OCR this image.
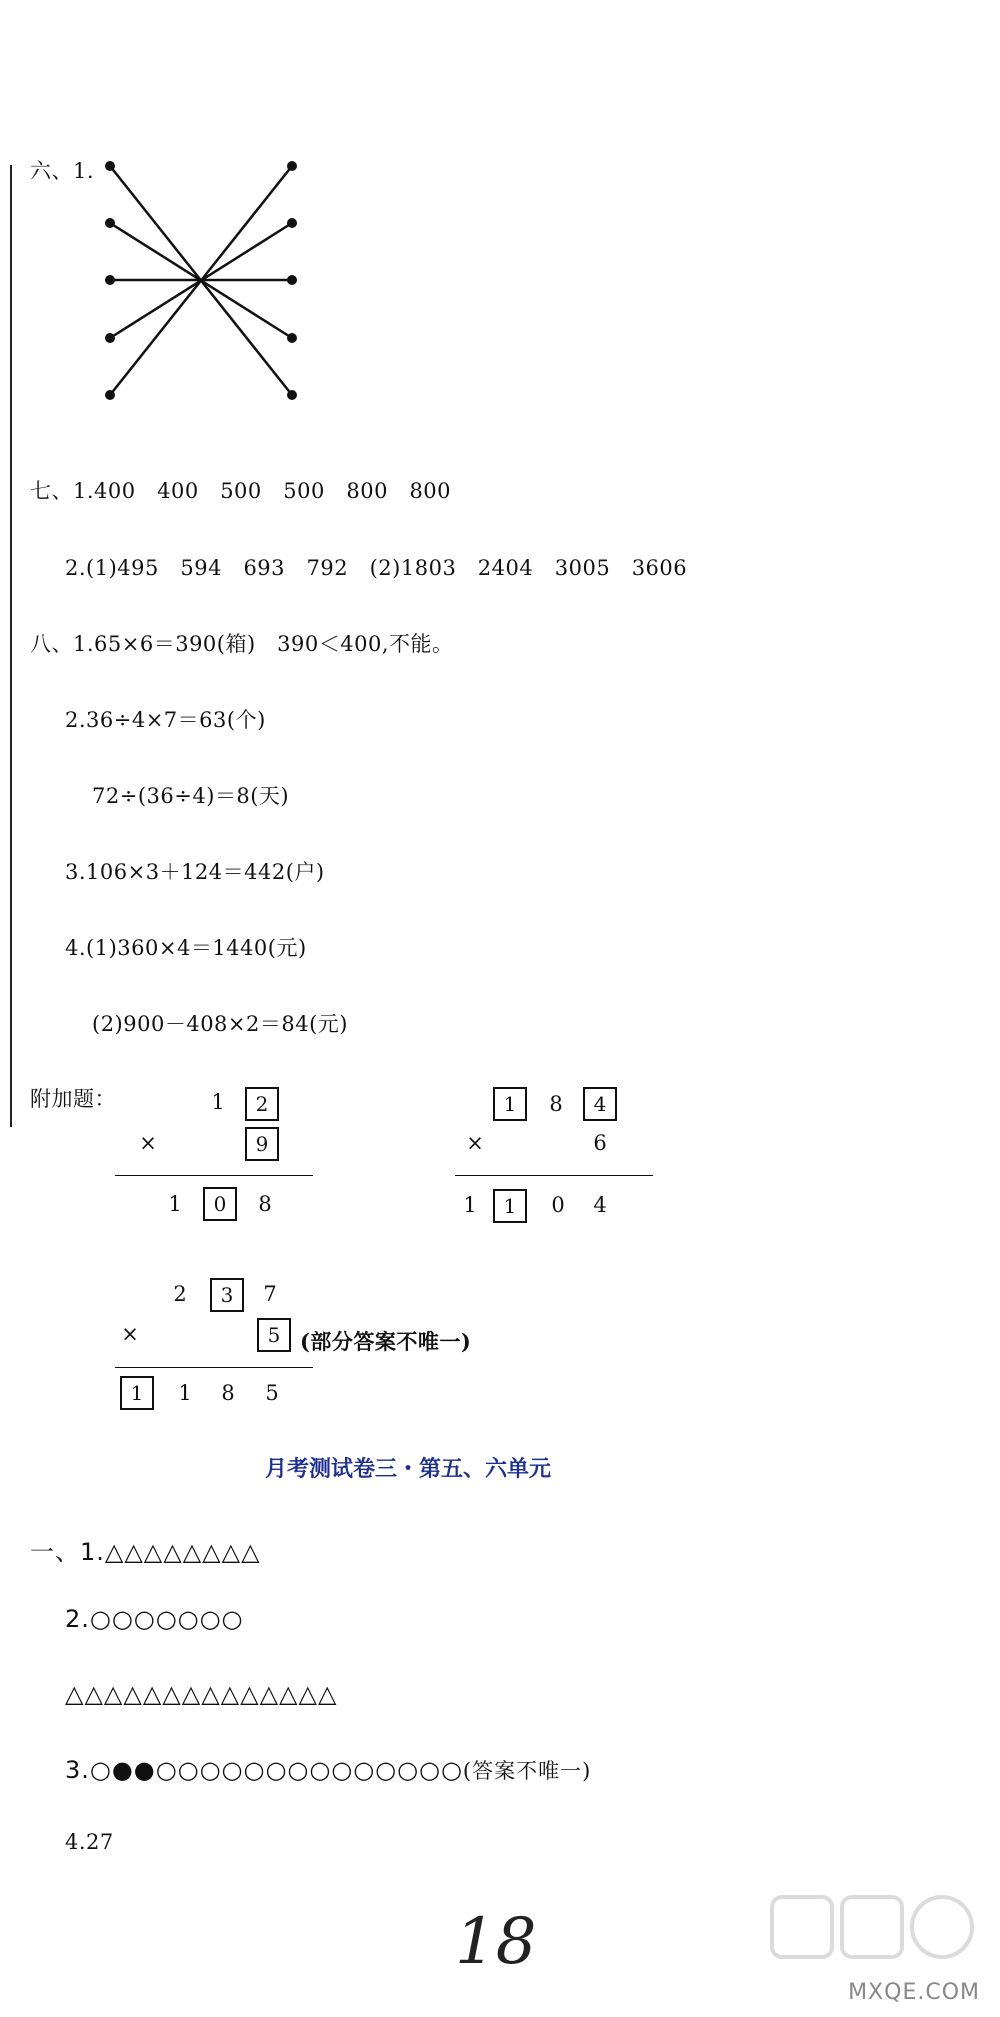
六、1.
七、1.400　400　500　500　800　800
2.(1)495　594　693　792　(2)1803　2404　3005　3606
八、1.65×6＝390(箱)　390＜400,不能。
2.36÷4×7＝63(个)
72÷(36÷4)＝8(天)
3.106×3＋124＝442(户)
4.(1)360×4＝1440(元)
(2)900－408×2＝84(元)
附加题：	1	2
×	9
1	0	8
1	8	4
×	6
1	1	0	4
2	3	7
×	5 (部分答案不唯一)
1	1	8	5
月考测试卷三・第五、六单元
一、1.△△△△△△△△
2.○○○○○○○
△△△△△△△△△△△△△△
3.○●●○○○○○○○○○○○○○○(答案不唯一)
4.27
18
MXQE.COM
